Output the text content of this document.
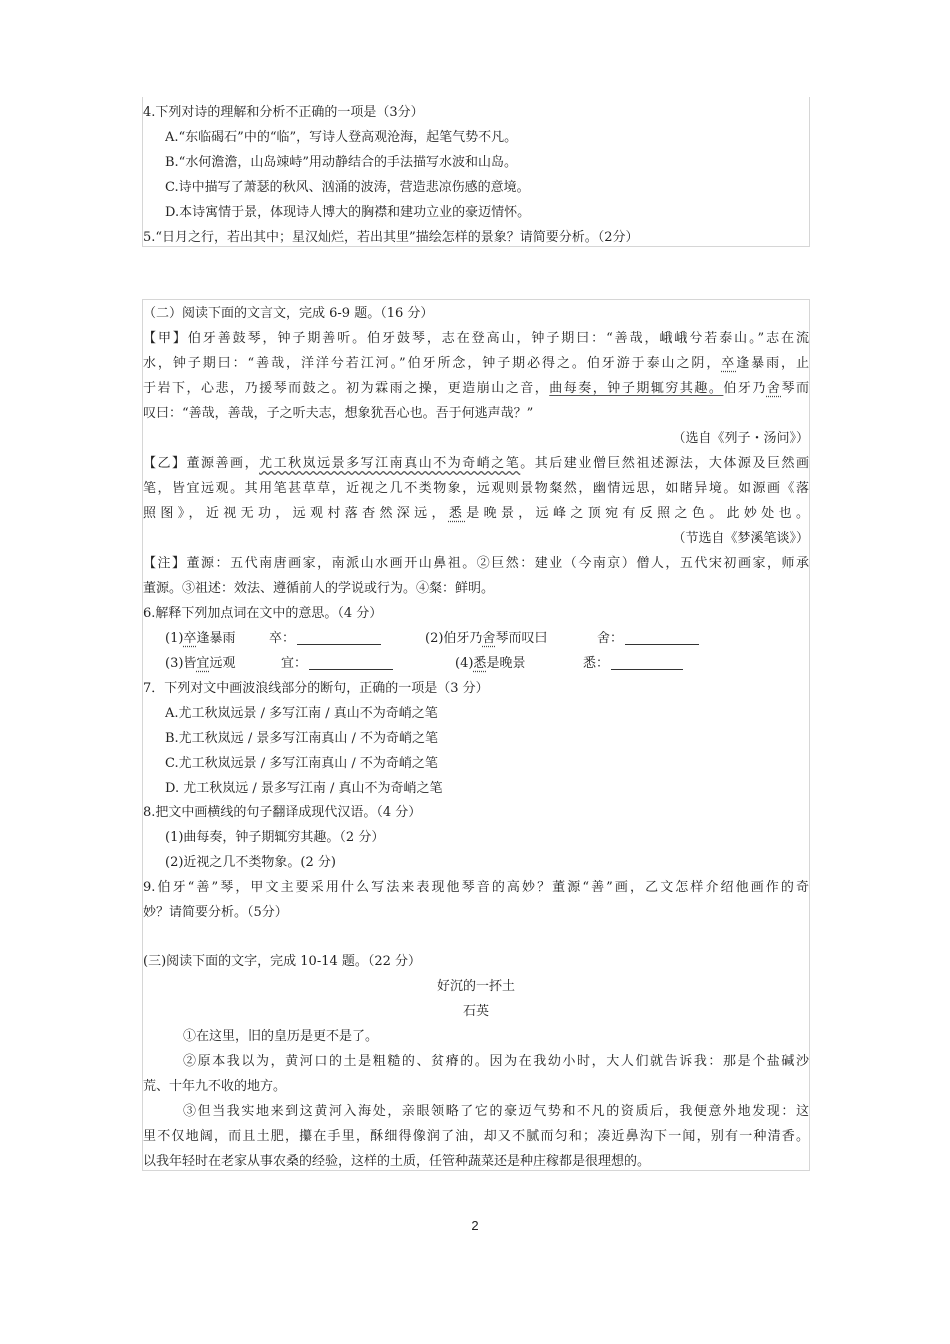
4.下列对诗的理解和分析不正确的一项是（3分）
A.“东临碣石”中的“临”，写诗人登高观沧海，起笔气势不凡。
B.“水何澹澹，山岛竦峙”用动静结合的手法描写水波和山岛。
C.诗中描写了萧瑟的秋风、汹涌的波涛，营造悲凉伤感的意境。
D.本诗寓情于景，体现诗人博大的胸襟和建功立业的豪迈情怀。
5.“日月之行，若出其中；星汉灿烂，若出其里”描绘怎样的景象？请简要分析。（2分）
（二）阅读下面的文言文，完成 6-9 题。（16 分）
【甲】伯牙善鼓琴，钟子期善听。伯牙鼓琴，志在登高山，钟子期曰：“善哉，峨峨兮若泰山。”志在流
水，钟子期曰：“善哉，洋洋兮若江河。”伯牙所念，钟子期必得之。伯牙游于泰山之阴，卒逢暴雨，止
于岩下，心悲，乃援琴而鼓之。初为霖雨之操，更造崩山之音，曲每奏，钟子期辄穷其趣。伯牙乃舍琴而
叹曰：“善哉，善哉，子之听夫志，想象犹吾心也。吾于何逃声哉？”
（选自《列子・汤问》）
【乙】董源善画，尤工秋岚远景多写江南真山不为奇峭之笔。其后建业僧巨然祖述源法，大体源及巨然画
笔，皆宜远观。其用笔甚草草，近视之几不类物象，远观则景物粲然，幽情远思，如睹异境。如源画《落
照图》，近视无功，远观村落杳然深远，悉是晚景，远峰之顶宛有反照之色。此妙处也。
（节选自《梦溪笔谈》）
【注】董源：五代南唐画家，南派山水画开山鼻祖。②巨然：建业（今南京）僧人，五代宋初画家，师承
董源。③祖述：效法、遵循前人的学说或行为。④粲：鲜明。
6.解释下列加点词在文中的意思。（4 分）
(1)卒逢暴雨	卒：	(2)伯牙乃舍琴而叹曰	舍：
(3)皆宜远观	宜：	(4)悉是晚景	悉：
7．下列对文中画波浪线部分的断句，正确的一项是（3 分）
A.尤工秋岚远景 / 多写江南 / 真山不为奇峭之笔
B.尤工秋岚远 / 景多写江南真山 / 不为奇峭之笔
C.尤工秋岚远景 / 多写江南真山 / 不为奇峭之笔
D. 尤工秋岚远 / 景多写江南 / 真山不为奇峭之笔
8.把文中画横线的句子翻译成现代汉语。（4 分）
(1)曲每奏，钟子期辄穷其趣。（2 分）
(2)近视之几不类物象。(2 分)
9.伯牙“善”琴，甲文主要采用什么写法来表现他琴音的高妙？董源“善”画，乙文怎样介绍他画作的奇
妙？请简要分析。（5分）
(三)阅读下面的文字，完成 10-14 题。（22 分）
好沉的一抔土
石英
①在这里，旧的皇历是更不是了。
②原本我以为，黄河口的土是粗糙的、贫瘠的。因为在我幼小时，大人们就告诉我：那是个盐碱沙
荒、十年九不收的地方。
③但当我实地来到这黄河入海处，亲眼领略了它的豪迈气势和不凡的资质后，我便意外地发现：这
里不仅地阔，而且土肥，攥在手里，酥细得像润了油，却又不腻而匀和；凑近鼻沟下一闻，别有一种清香。
以我年轻时在老家从事农桑的经验，这样的土质，任管种蔬菜还是种庄稼都是很理想的。
2
